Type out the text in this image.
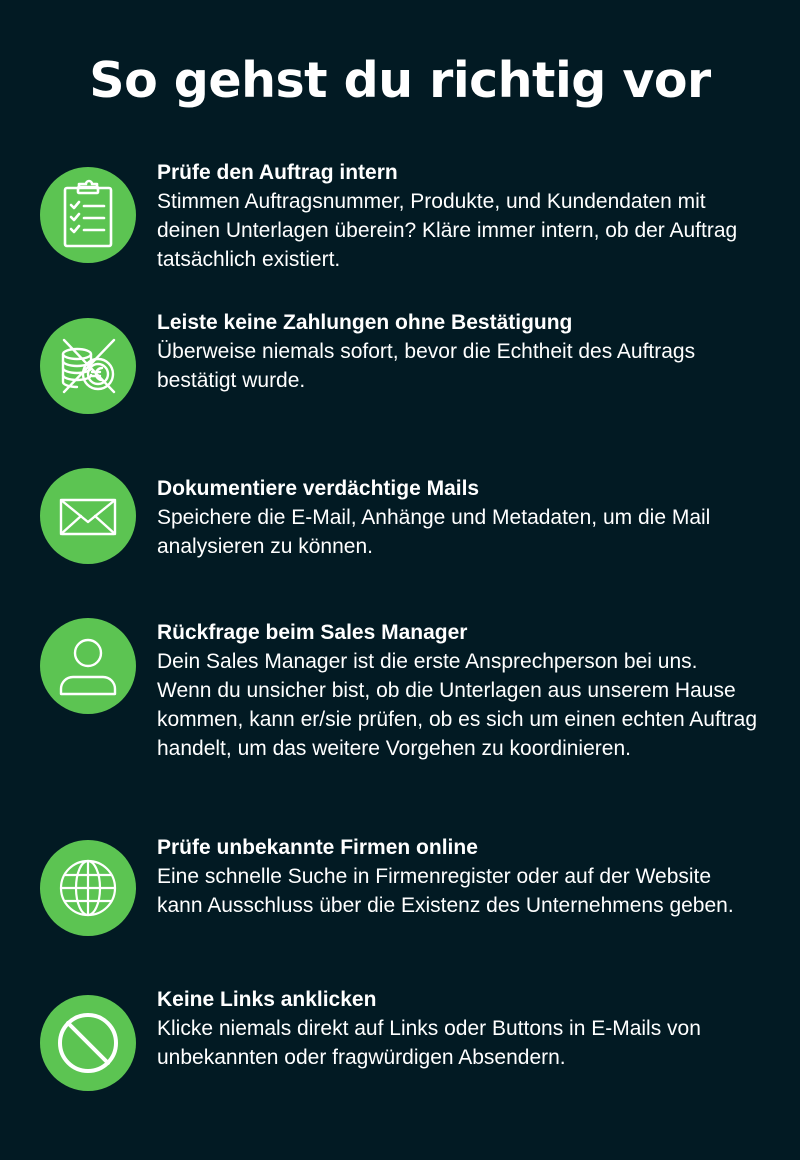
So gehst du richtig vor
Prüfe den Auftrag intern
Stimmen Auftragsnummer, Produkte, und Kundendaten mit deinen Unterlagen überein? Kläre immer intern, ob der Auftrag tatsächlich existiert.
Leiste keine Zahlungen ohne Bestätigung
Überweise niemals sofort, bevor die Echtheit des Auftrags bestätigt wurde.
Dokumentiere verdächtige Mails
Speichere die E-Mail, Anhänge und Metadaten, um die Mail analysieren zu können.
Rückfrage beim Sales Manager
Dein Sales Manager ist die erste Ansprechperson bei uns. Wenn du unsicher bist, ob die Unterlagen aus unserem Hause kommen, kann er/sie prüfen, ob es sich um einen echten Auftrag handelt, um das weitere Vorgehen zu koordinieren.
Prüfe unbekannte Firmen online
Eine schnelle Suche in Firmenregister oder auf der Website kann Ausschluss über die Existenz des Unternehmens geben.
Keine Links anklicken
Klicke niemals direkt auf Links oder Buttons in E-Mails von unbekannten oder fragwürdigen Absendern.
